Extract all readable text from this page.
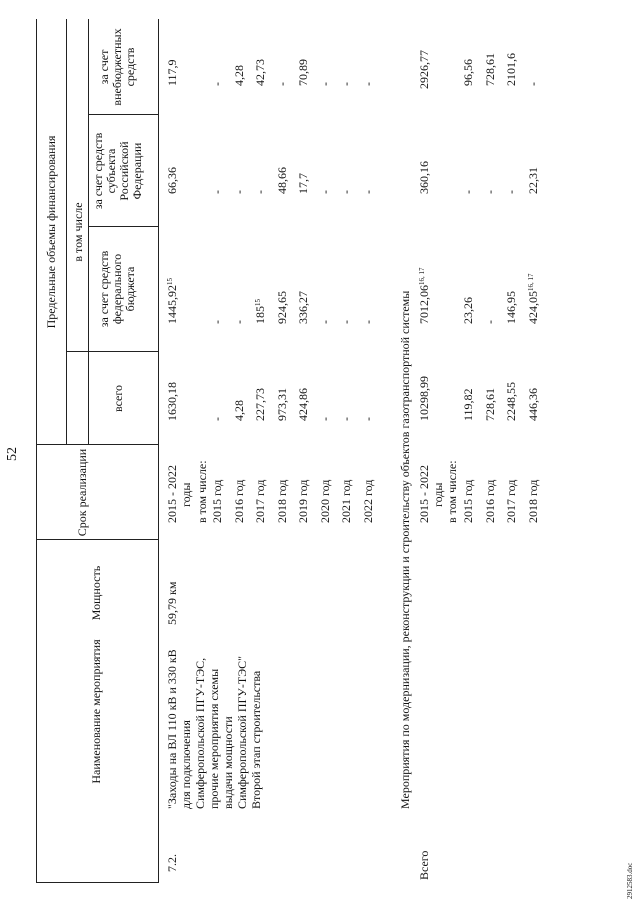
52
Наименование мероприятия
Мощность
Срок реализации
Предельные объемы финансирования в том числе
всего
за счет средств федерального бюджета
за счет средств субъекта Российской Федерации
за счет внебюджетных средств
7.2.
"Заходы на ВЛ 110 кВ и 330 кВ для подключения Симферопольской ПГУ-ТЭС, прочие мероприятия схемы выдачи мощности Симферопольской ПГУ-ТЭС" Второй этап строительства
59,79 км
2015 - 2022 годы
1630,18
1445,92$^{15}$
66,36
117,9
в том числе: 2015 год
-
-
-
-
2016 год
4,28
-
-
4,28
2017 год
227,73
$185^{15}$
-
42,73
2018 год
973,31
924,65
48,66
-
2019 год
424,86
336,27
17,7
70,89
2020 год
-
-
-
-
2021 год
-
-
-
-
2022 год
-
-
-
-
Мероприятия по модернизации, реконструкции и строительству объектов газотранспортной системы
Всего
2015 - 2022 годы
10298,99
7012,06$^{16, 17}$
360,16
2926,77
в том числе: 2015 год
119,82
23,26
-
96,56
2016 год
728,61
-
-
728,61
2017 год
2248,55
146,95
-
2101,6
2018 год
446,36
424,05$^{16, 17}$
22,31
-
2912583.doc
